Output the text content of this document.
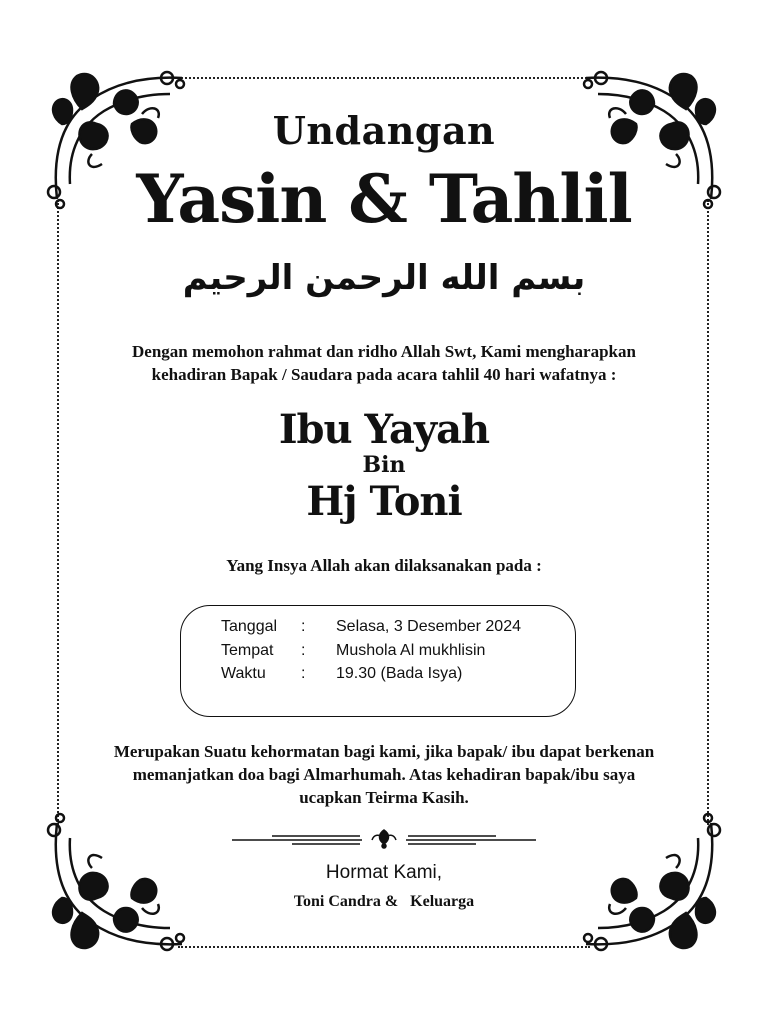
Undangan
Yasin & Tahlil
بسم الله الرحمن الرحيم
Dengan memohon rahmat dan ridho Allah Swt, Kami mengharapkan
kehadiran Bapak / Saudara pada acara tahlil 40 hari wafatnya :
Ibu Yayah
Bin
Hj Toni
Yang Insya Allah akan dilaksanakan pada :
Tanggal : Selasa, 3 Desember 2024
Tempat : Mushola Al mukhlisin
Waktu : 19.30 (Bada Isya)
Merupakan Suatu kehormatan bagi kami, jika bapak/ ibu dapat berkenan
memanjatkan doa bagi Almarhumah. Atas kehadiran bapak/ibu saya
ucapkan Teirma Kasih.
Hormat Kami,
Toni Candra &   Keluarga
